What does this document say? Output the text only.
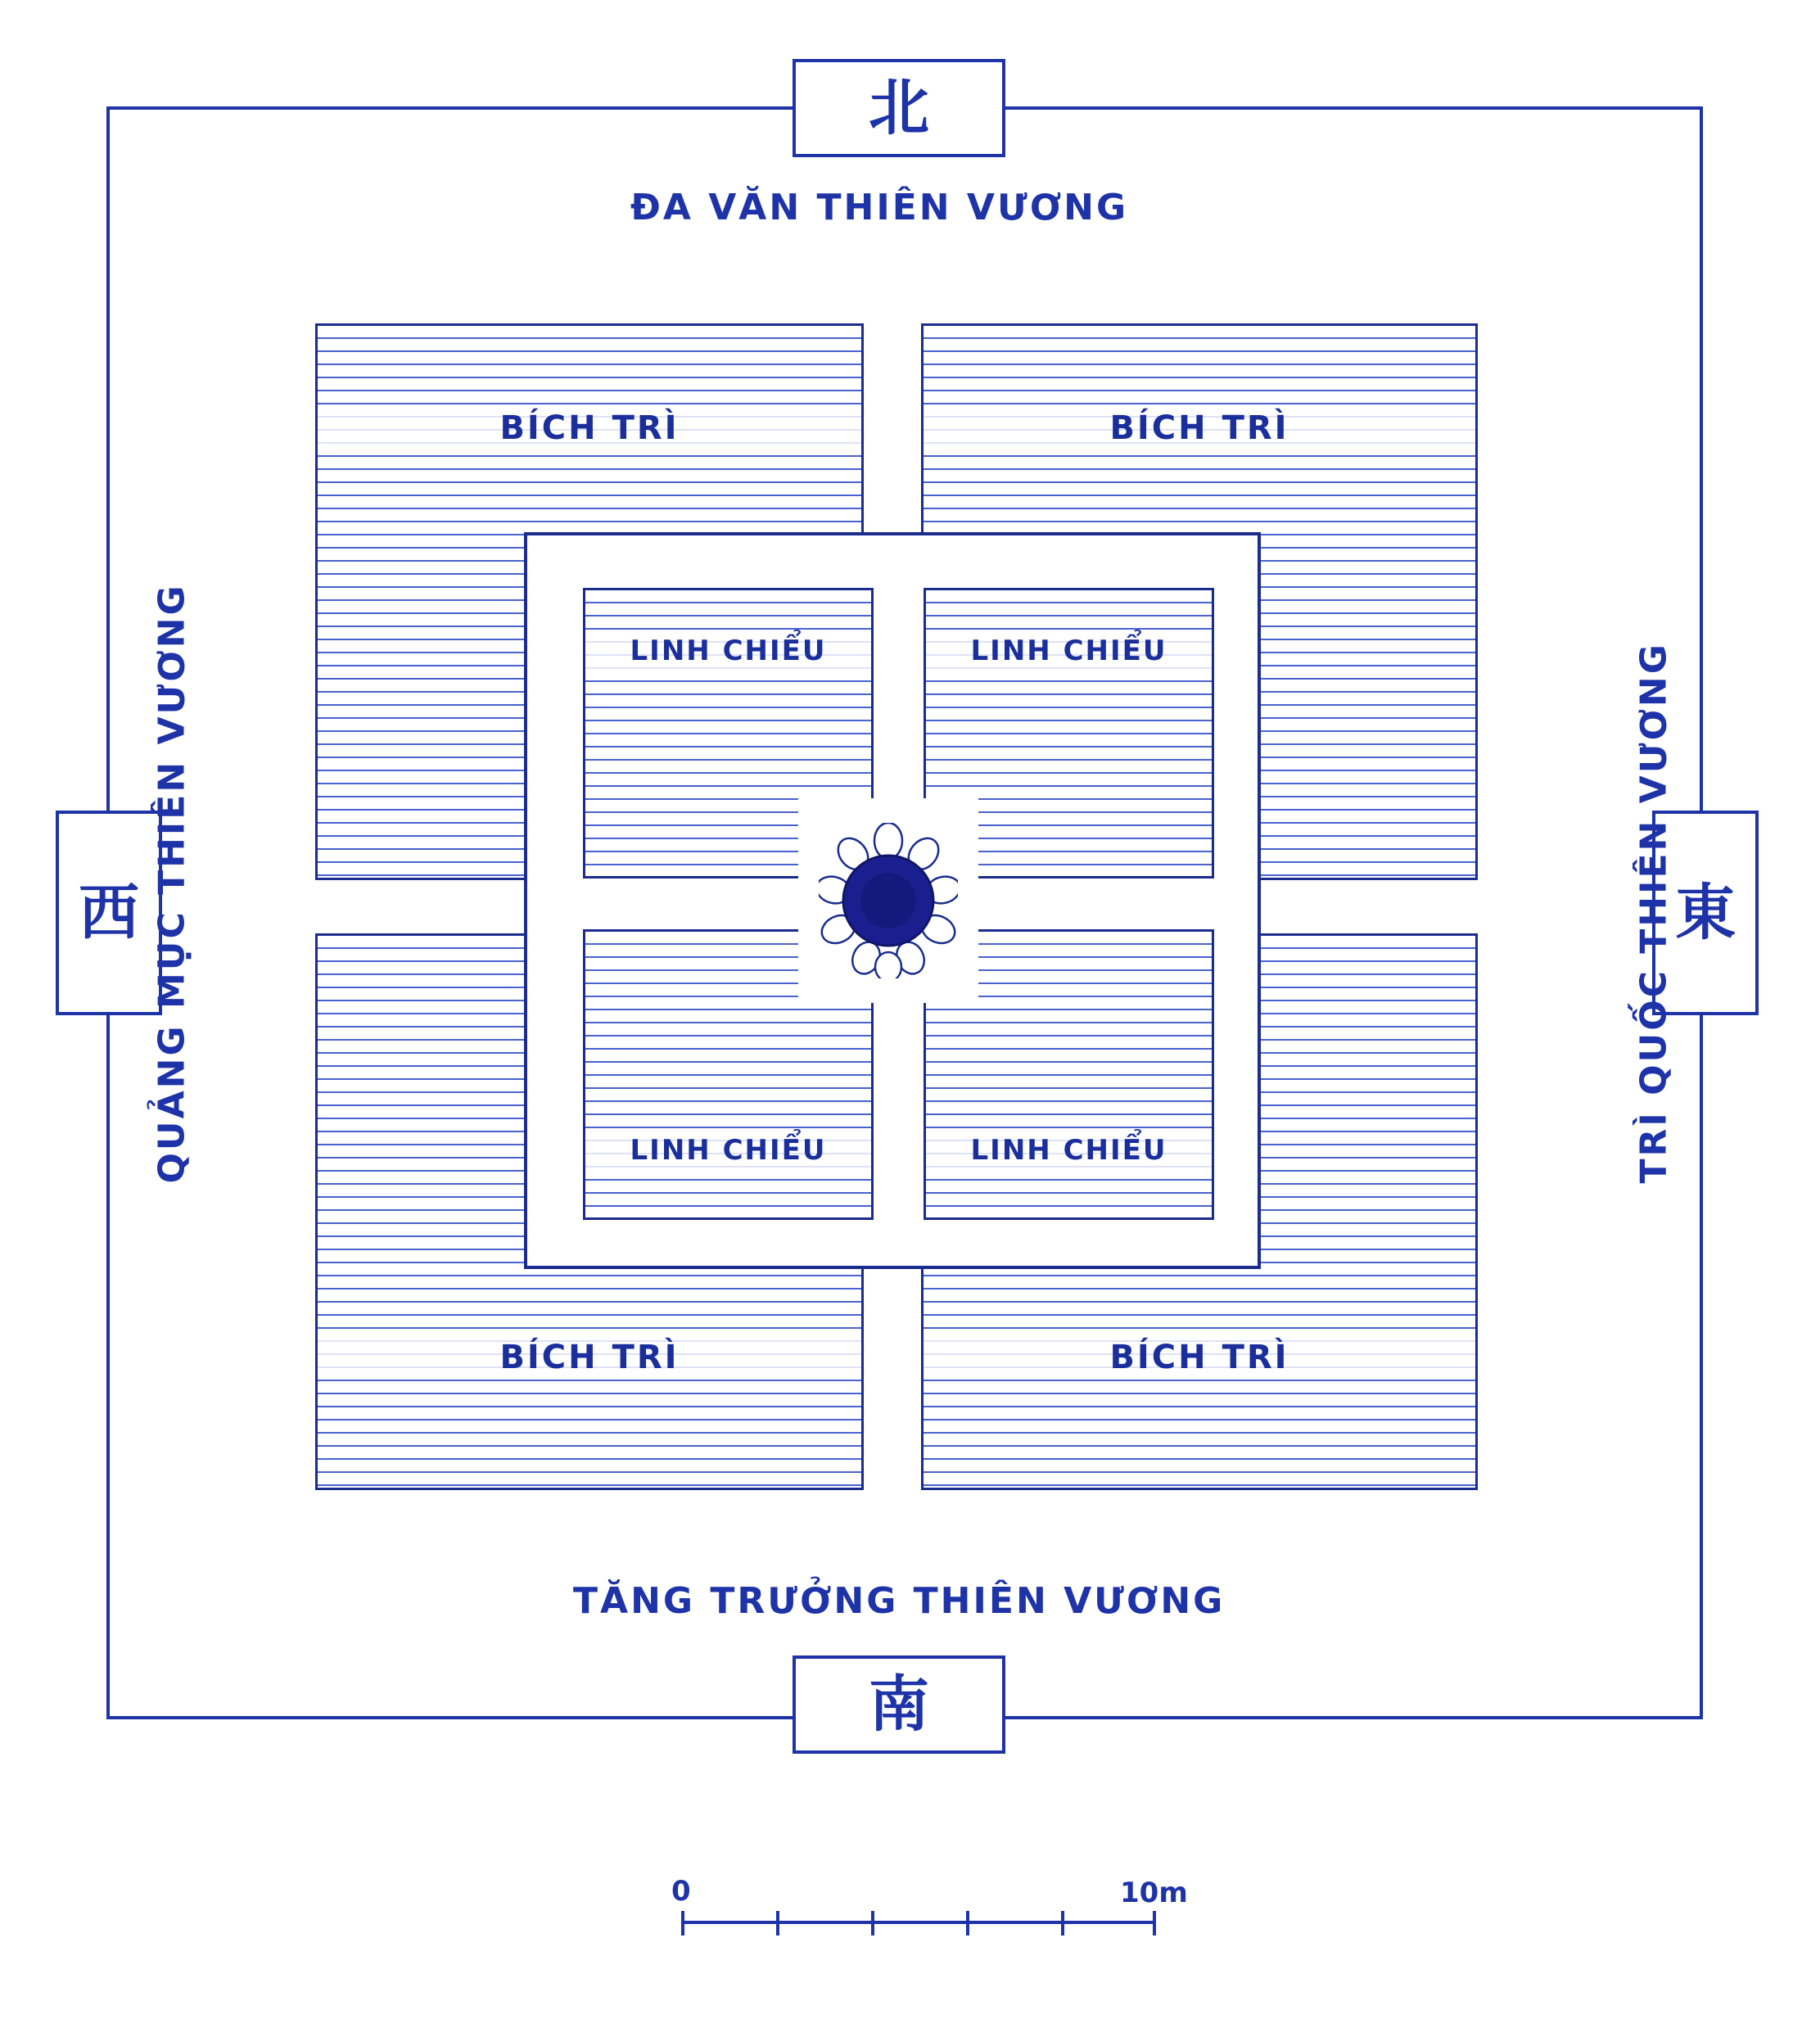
北
南
西	東
ĐA VĂN THIÊN VƯƠNG
TĂNG TRƯỞNG THIÊN VƯƠNG
QUẢNG MỤC THIÊN VƯƠNG	TRÌ QUỐC THIÊN VƯƠNG
BÍCH TRÌ	BÍCH TRÌ
BÍCH TRÌ	BÍCH TRÌ
LINH CHIỂU	LINH CHIỂU
LINH CHIỂU	LINH CHIỂU
0	10m
